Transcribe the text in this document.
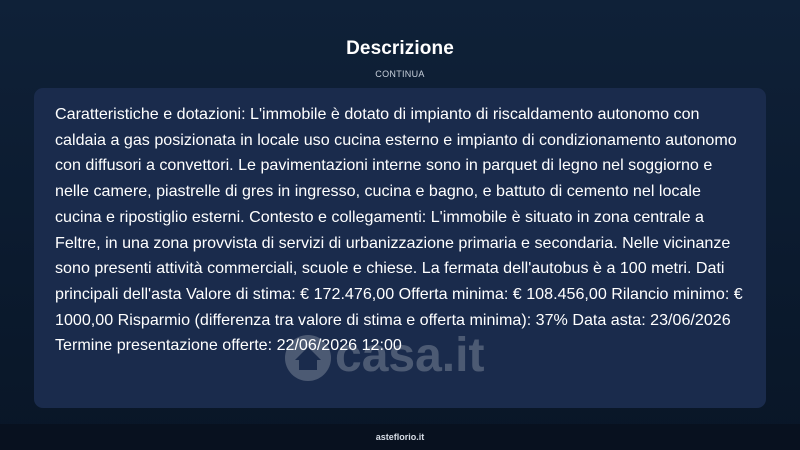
Descrizione
CONTINUA

Caratteristiche e dotazioni: L'immobile è dotato di impianto di riscaldamento autonomo con caldaia a gas posizionata in locale uso cucina esterno e impianto di condizionamento autonomo con diffusori a convettori. Le pavimentazioni interne sono in parquet di legno nel soggiorno e nelle camere, piastrelle di gres in ingresso, cucina e bagno, e battuto di cemento nel locale cucina e ripostiglio esterni. Contesto e collegamenti: L'immobile è situato in zona centrale a Feltre, in una zona provvista di servizi di urbanizzazione primaria e secondaria. Nelle vicinanze sono presenti attività commerciali, scuole e chiese. La fermata dell'autobus è a 100 metri. Dati principali dell'asta Valore di stima: € 172.476,00 Offerta minima: € 108.456,00 Rilancio minimo: € 1000,00 Risparmio (differenza tra valore di stima e offerta minima): 37% Data asta: 23/06/2026 Termine presentazione offerte: 22/06/2026 12:00

casa.it
asteflorio.it
